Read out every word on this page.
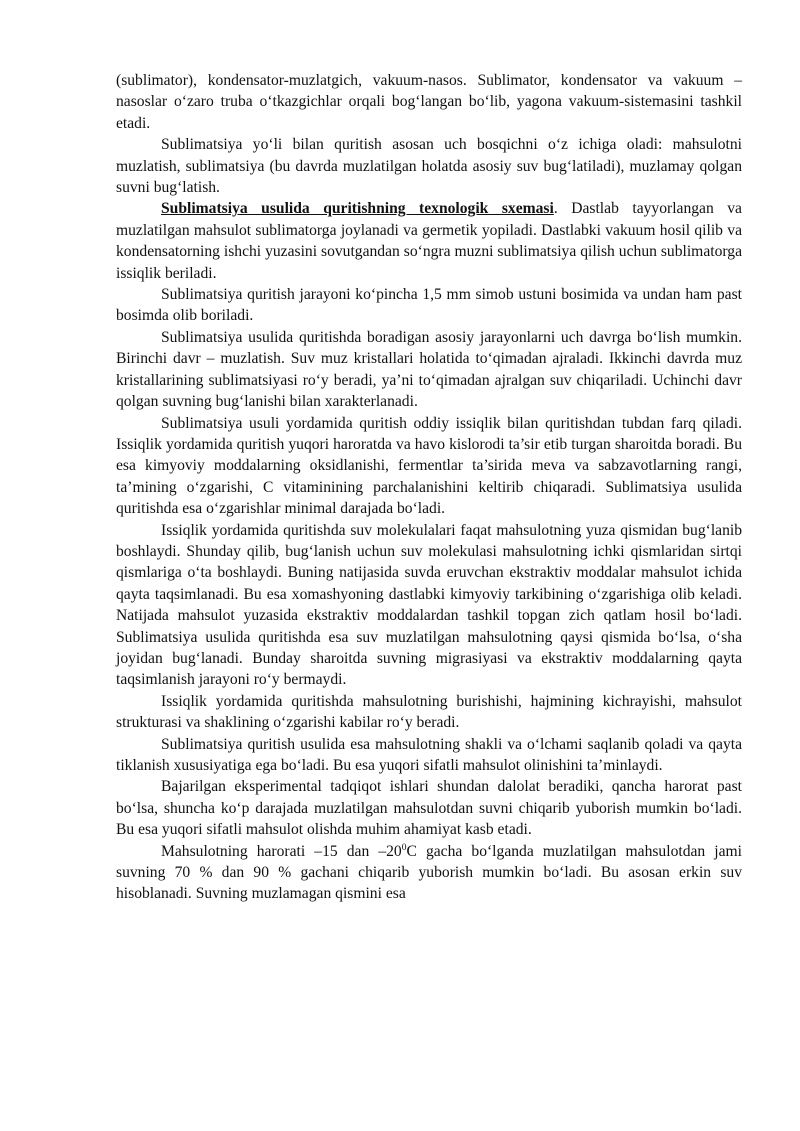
(sublimator), kondensator-muzlatgich, vakuum-nasos. Sublimator, kondensator va vakuum – nasoslar o‘zaro truba o‘tkazgichlar orqali bog‘langan bo‘lib, yagona vakuum-sistemasini tashkil etadi.

Sublimatsiya yo‘li bilan quritish asosan uch bosqichni o‘z ichiga oladi: mahsulotni muzlatish, sublimatsiya (bu davrda muzlatilgan holatda asosiy suv bug‘latiladi), muzlamay qolgan suvni bug‘latish.

Sublimatsiya usulida quritishning texnologik sxemasi. Dastlab tayyorlangan va muzlatilgan mahsulot sublimatorga joylanadi va germetik yopiladi. Dastlabki vakuum hosil qilib va kondensatorning ishchi yuzasini sovutgandan so‘ngra muzni sublimatsiya qilish uchun sublimatorga issiqlik beriladi.

Sublimatsiya quritish jarayoni ko‘pincha 1,5 mm simob ustuni bosimida va undan ham past bosimda olib boriladi.

Sublimatsiya usulida quritishda boradigan asosiy jarayonlarni uch davrga bo‘lish mumkin. Birinchi davr – muzlatish. Suv muz kristallari holatida to‘qimadan ajraladi. Ikkinchi davrda muz kristallarining sublimatsiyasi ro‘y beradi, ya’ni to‘qimadan ajralgan suv chiqariladi. Uchinchi davr qolgan suvning bug‘lanishi bilan xarakterlanadi.

Sublimatsiya usuli yordamida quritish oddiy issiqlik bilan quritishdan tubdan farq qiladi. Issiqlik yordamida quritish yuqori haroratda va havo kislorodi ta’sir etib turgan sharoitda boradi. Bu esa kimyoviy moddalarning oksidlanishi, fermentlar ta’sirida meva va sabzavotlarning rangi, ta’mining o‘zgarishi, C vitaminining parchalanishini keltirib chiqaradi. Sublimatsiya usulida quritishda esa o‘zgarishlar minimal darajada bo‘ladi.

Issiqlik yordamida quritishda suv molekulalari faqat mahsulotning yuza qismidan bug‘lanib boshlaydi. Shunday qilib, bug‘lanish uchun suv molekulasi mahsulotning ichki qismlaridan sirtqi qismlariga o‘ta boshlaydi. Buning natijasida suvda eruvchan ekstraktiv moddalar mahsulot ichida qayta taqsimlanadi. Bu esa xomashyoning dastlabki kimyoviy tarkibining o‘zgarishiga olib keladi. Natijada mahsulot yuzasida ekstraktiv moddalardan tashkil topgan zich qatlam hosil bo‘ladi. Sublimatsiya usulida quritishda esa suv muzlatilgan mahsulotning qaysi qismida bo‘lsa, o‘sha joyidan bug‘lanadi. Bunday sharoitda suvning migrasiyasi va ekstraktiv moddalarning qayta taqsimlanish jarayoni ro‘y bermaydi.

Issiqlik yordamida quritishda mahsulotning burishishi, hajmining kichrayishi, mahsulot strukturasi va shaklining o‘zgarishi kabilar ro‘y beradi.

Sublimatsiya quritish usulida esa mahsulotning shakli va o‘lchami saqlanib qoladi va qayta tiklanish xususiyatiga ega bo‘ladi. Bu esa yuqori sifatli mahsulot olinishini ta’minlaydi.

Bajarilgan eksperimental tadqiqot ishlari shundan dalolat beradiki, qancha harorat past bo‘lsa, shuncha ko‘p darajada muzlatilgan mahsulotdan suvni chiqarib yuborish mumkin bo‘ladi. Bu esa yuqori sifatli mahsulot olishda muhim ahamiyat kasb etadi.

Mahsulotning harorati –15 dan $-20^0C$ gacha bo‘lganda muzlatilgan mahsulotdan jami suvning 70 % dan 90 % gachani chiqarib yuborish mumkin bo‘ladi. Bu asosan erkin suv hisoblanadi. Suvning muzlamagan qismini esa
